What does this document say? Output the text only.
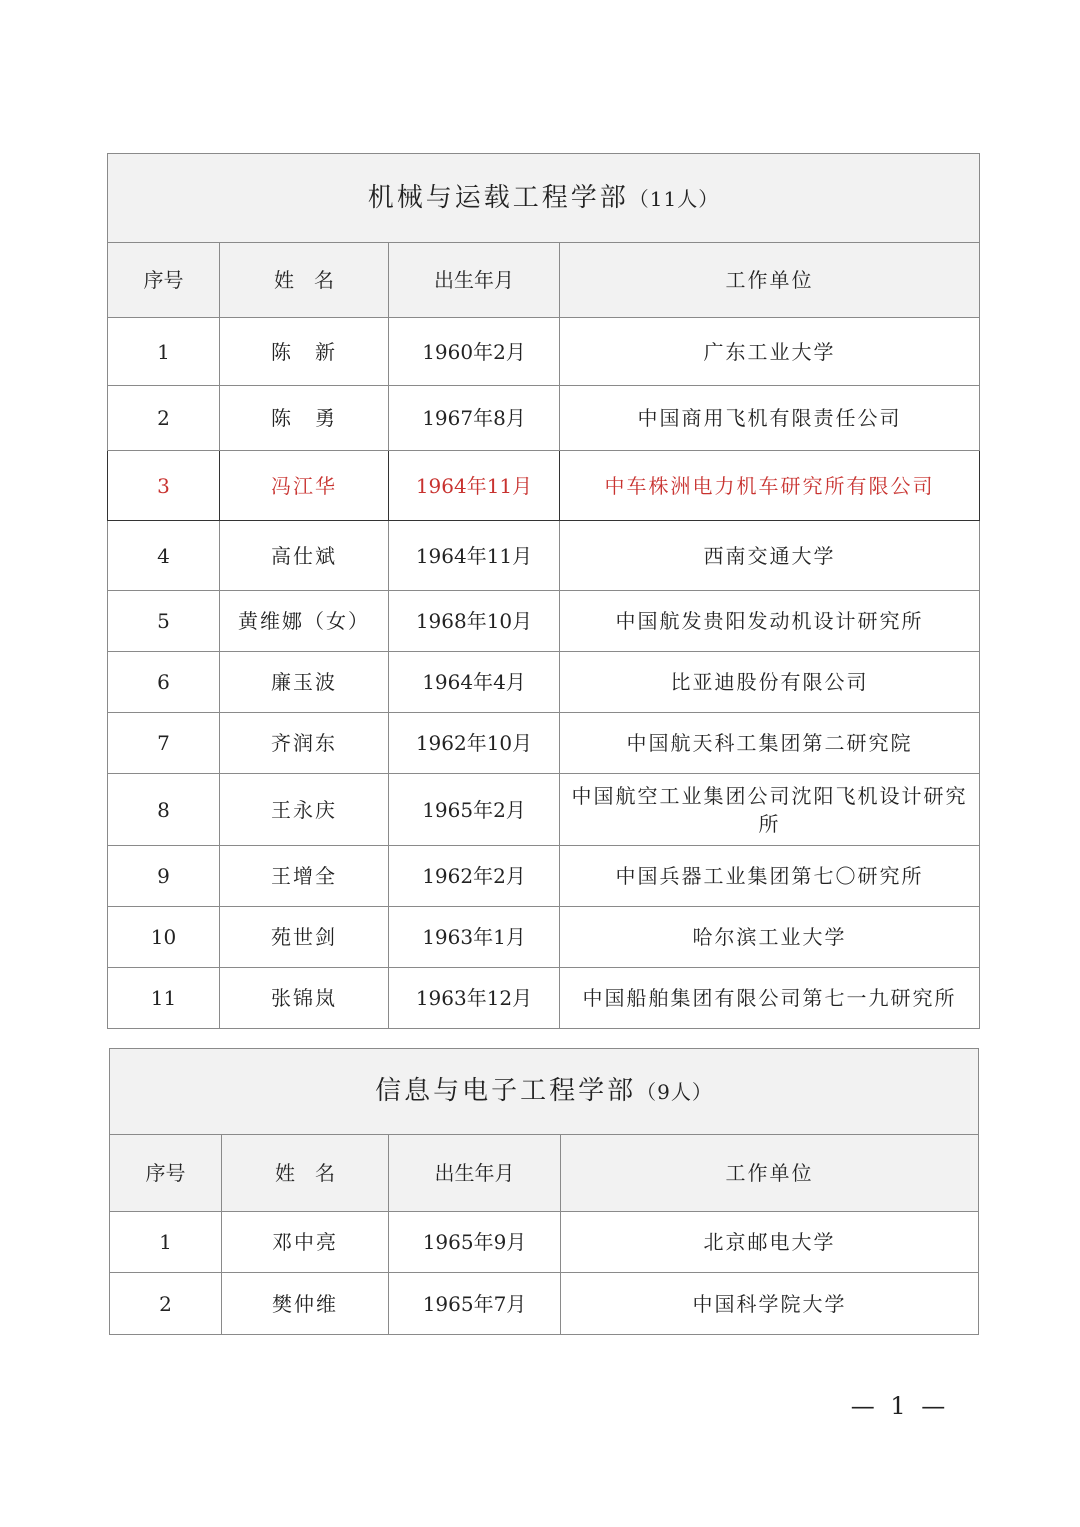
机械与运载工程学部（11人）			
序号	姓名	出生年月	工作单位
1	陈　新	1960年2月	广东工业大学
2	陈　勇	1967年8月	中国商用飞机有限责任公司
3	冯江华	1964年11月	中车株洲电力机车研究所有限公司
4	高仕斌	1964年11月	西南交通大学
5	黄维娜（女）	1968年10月	中国航发贵阳发动机设计研究所
6	廉玉波	1964年4月	比亚迪股份有限公司
7	齐润东	1962年10月	中国航天科工集团第二研究院
8	王永庆	1965年2月	中国航空工业集团公司沈阳飞机设计研究所
9	王增全	1962年2月	中国兵器工业集团第七〇研究所
10	苑世剑	1963年1月	哈尔滨工业大学
11	张锦岚	1963年12月	中国船舶集团有限公司第七一九研究所
信息与电子工程学部（9人）			
序号	姓名	出生年月	工作单位
1	邓中亮	1965年9月	北京邮电大学
2	樊仲维	1965年7月	中国科学院大学
— 1 —
